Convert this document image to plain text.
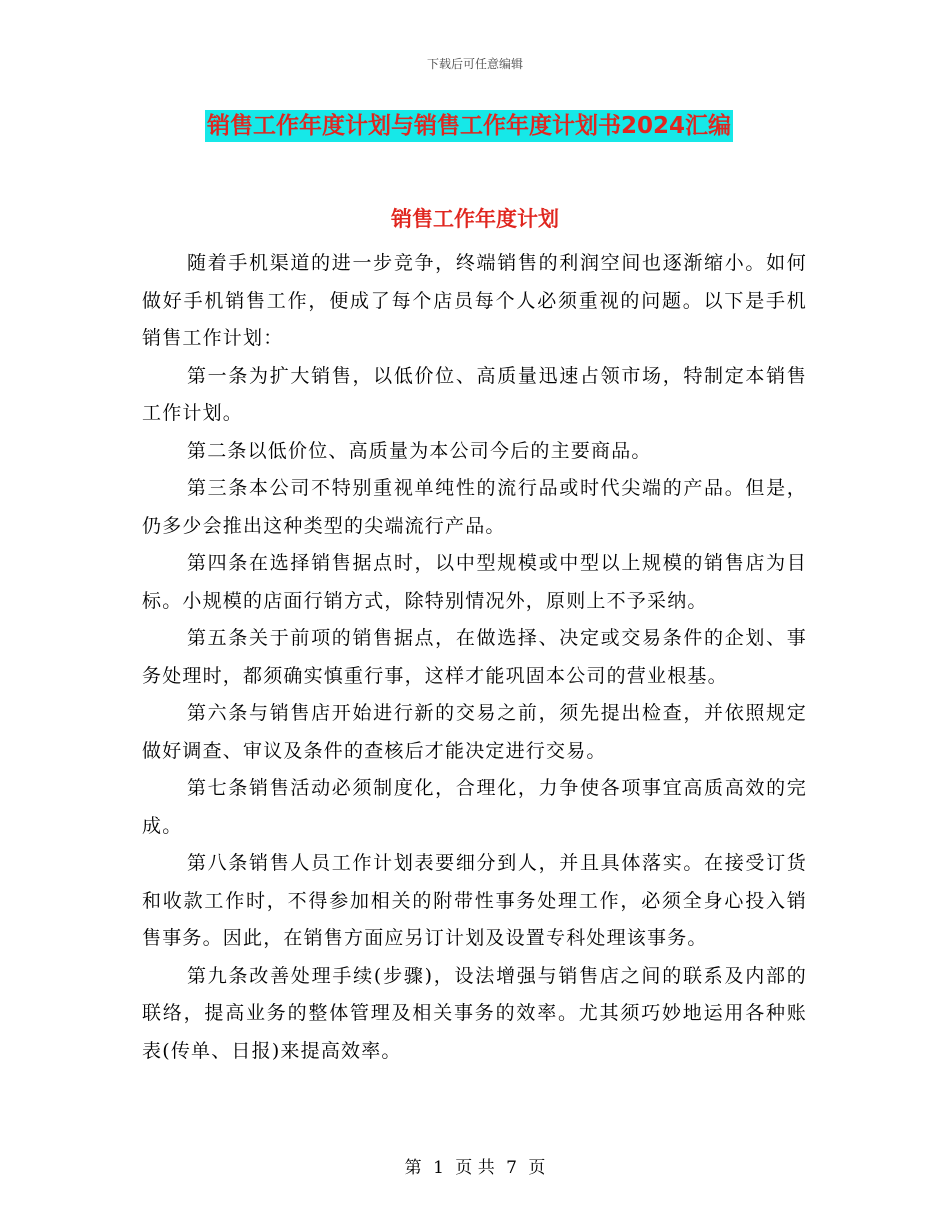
下载后可任意编辑
销售工作年度计划与销售工作年度计划书2024汇编
销售工作年度计划

随着手机渠道的进一步竞争，终端销售的利润空间也逐渐缩小。如何做好手机销售工作，便成了每个店员每个人必须重视的问题。以下是手机销售工作计划：

第一条为扩大销售，以低价位、高质量迅速占领市场，特制定本销售工作计划。

第二条以低价位、高质量为本公司今后的主要商品。

第三条本公司不特别重视单纯性的流行品或时代尖端的产品。但是，仍多少会推出这种类型的尖端流行产品。

第四条在选择销售据点时，以中型规模或中型以上规模的销售店为目标。小规模的店面行销方式，除特别情况外，原则上不予采纳。

第五条关于前项的销售据点，在做选择、决定或交易条件的企划、事务处理时，都须确实慎重行事，这样才能巩固本公司的营业根基。

第六条与销售店开始进行新的交易之前，须先提出检查，并依照规定做好调查、审议及条件的查核后才能决定进行交易。

第七条销售活动必须制度化，合理化，力争使各项事宜高质高效的完成。

第八条销售人员工作计划表要细分到人，并且具体落实。在接受订货和收款工作时，不得参加相关的附带性事务处理工作，必须全身心投入销售事务。因此，在销售方面应另订计划及设置专科处理该事务。

第九条改善处理手续(步骤)，设法增强与销售店之间的联系及内部的联络，提高业务的整体管理及相关事务的效率。尤其须巧妙地运用各种账表(传单、日报)来提高效率。

第 1 页 共 7 页
